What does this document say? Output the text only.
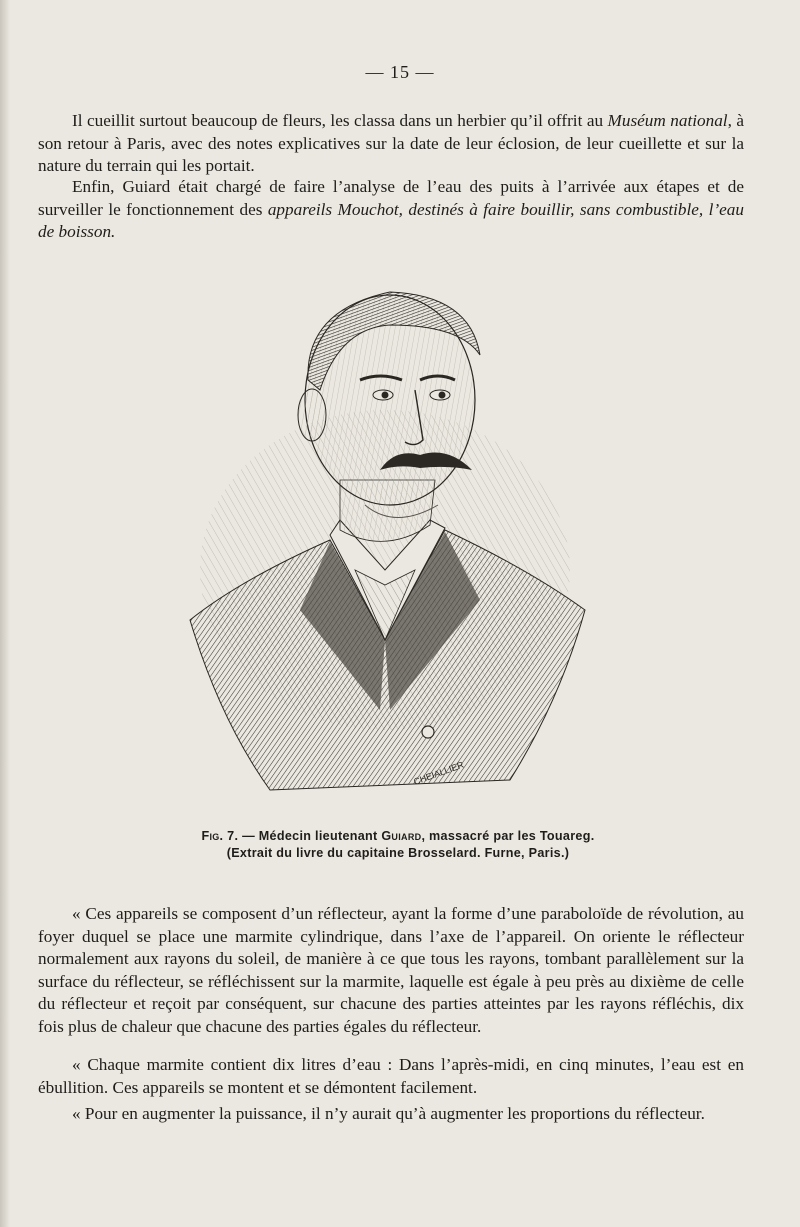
— 15 —

Il cueillit surtout beaucoup de fleurs, les classa dans un herbier qu’il offrit au Muséum national, à son retour à Paris, avec des notes explicatives sur la date de leur éclosion, de leur cueillette et sur la nature du terrain qui les portait.

Enfin, Guiard était chargé de faire l’analyse de l’eau des puits à l’arrivée aux étapes et de surveiller le fonctionnement des appareils Mouchot, destinés à faire bouillir, sans combustible, l’eau de boisson.

CHEIALLIER
Fig. 7. — Médecin lieutenant Guiard, massacré par les Touareg.
(Extrait du livre du capitaine Brosselard. Furne, Paris.)

« Ces appareils se composent d’un réflecteur, ayant la forme d’une paraboloïde de révolution, au foyer duquel se place une marmite cylindrique, dans l’axe de l’appareil. On oriente le réflecteur normalement aux rayons du soleil, de manière à ce que tous les rayons, tombant parallèlement sur la surface du réflecteur, se réfléchissent sur la marmite, laquelle est égale à peu près au dixième de celle du réflecteur et reçoit par conséquent, sur chacune des parties atteintes par les rayons réfléchis, dix fois plus de chaleur que chacune des parties égales du réflecteur.

« Chaque marmite contient dix litres d’eau : Dans l’après-midi, en cinq minutes, l’eau est en ébullition. Ces appareils se montent et se démontent facilement.

« Pour en augmenter la puissance, il n’y aurait qu’à augmenter les proportions du réflecteur.
